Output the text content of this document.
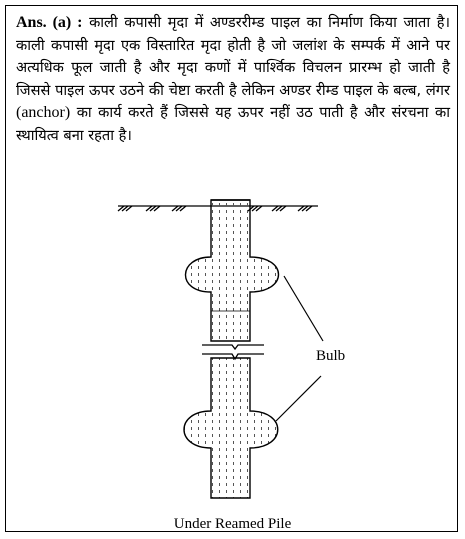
Ans. (a) : काली कपासी मृदा में अण्डररीम्ड पाइल का निर्माण किया जाता है। काली कपासी मृदा एक विस्तारित मृदा होती है जो जलांश के सम्पर्क में आने पर अत्यधिक फूल जाती है और मृदा कणों में पार्श्विक विचलन प्रारम्भ हो जाती है जिससे पाइल ऊपर उठने की चेष्टा करती है लेकिन अण्डर रीम्ड पाइल के बल्ब, लंगर (anchor) का कार्य करते हैं जिससे यह ऊपर नहीं उठ पाती है और संरचना का स्थायित्व बना रहता है।

Bulb
Under Reamed Pile
